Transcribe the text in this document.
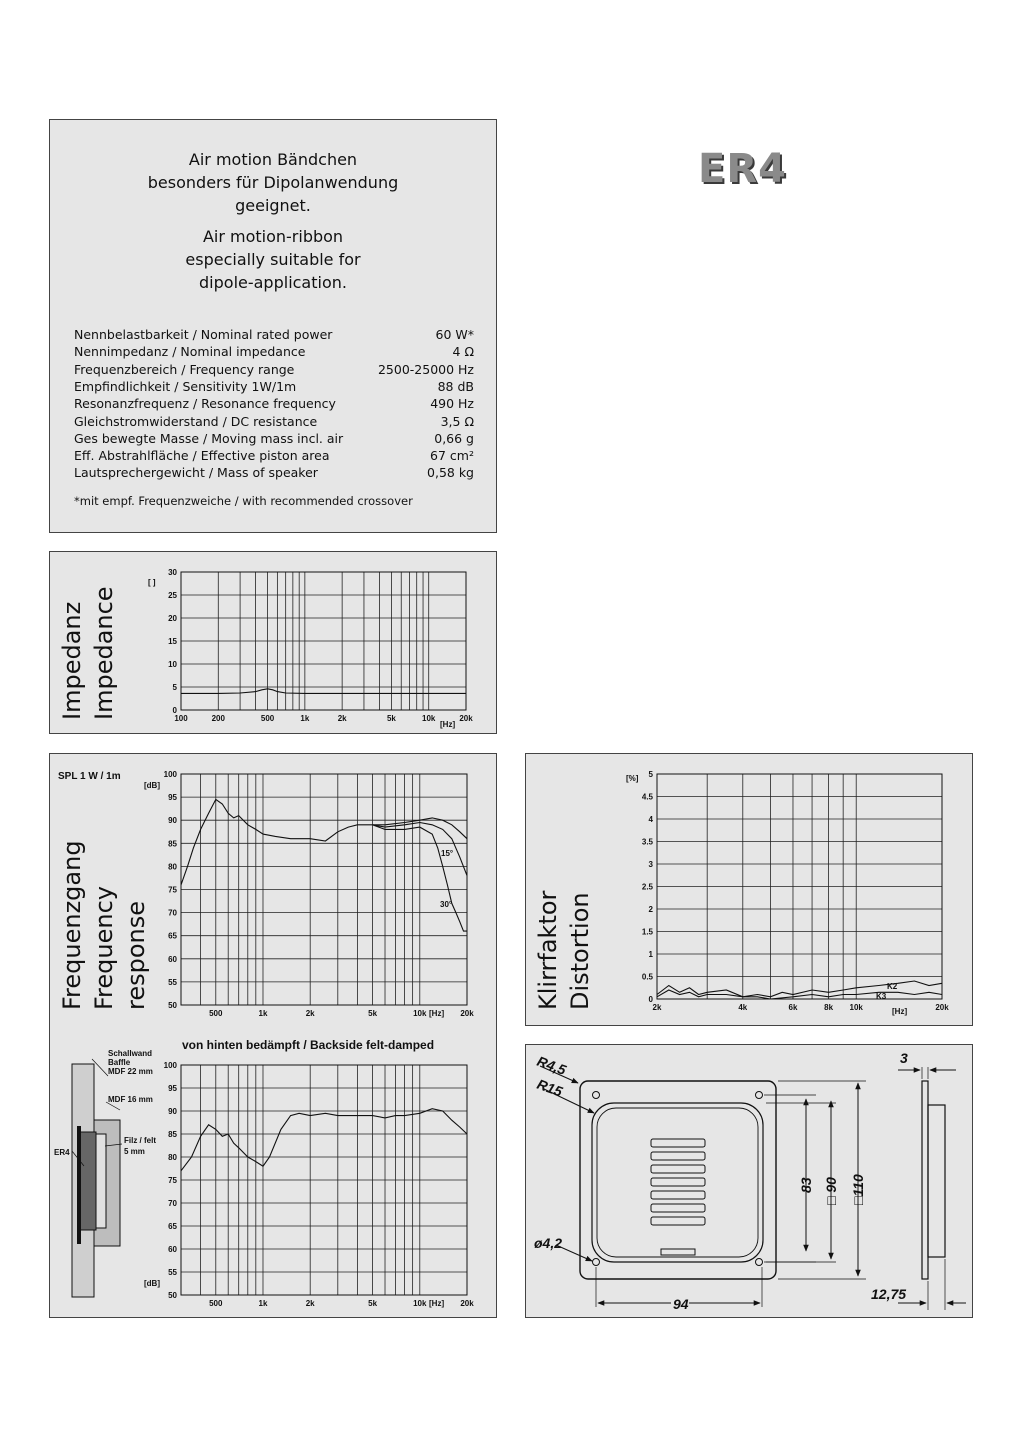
Air motion Bändchen
besonders für Dipolanwendung
geeignet.
Air motion-ribbon
especially suitable for
dipole-application.
Nennbelastbarkeit / Nominal rated power	60 W*
Nennimpedanz / Nominal impedance	4 Ω
Frequenzbereich / Frequency range	2500-25000 Hz
Empfindlichkeit / Sensitivity 1W/1m	88 dB
Resonanzfrequenz / Resonance frequency	490 Hz
Gleichstromwiderstand / DC resistance	3,5 Ω
Ges bewegte Masse / Moving mass incl. air	0,66 g
Eff. Abstrahlfläche / Effective piston area	67 cm²
Lautsprechergewicht / Mass of speaker	0,58 kg
*mit empf. Frequenzweiche / with recommended crossover
ER4
Impedanz Impedance	0
5
10
15
20
25
30
100	200	500	1k	2k	5k	10k	20k
[ ]
[Hz]
Frequenzgang Frequency response 50
55
60
65
70
75
80
85
90
95
100
500	1k	2k	5k	10k	20k
SPL 1 W / 1m
[dB]
[Hz]
15°
30°
50
55
60
65
70
75
80
85
90
95
100
500	1k	2k	5k	10k	20k
von hinten bedämpft / Backside felt-damped
[dB]
[Hz]
Schallwand
Baffle
MDF 22 mm
MDF 16 mm
Filz / felt
5 mm
ER4
Klirrfaktor Distortion	0
0.5
1
1.5
2
2.5
3
3.5
4
4.5
5
2k	4k	6k	8k 10k	20k
[%]
[Hz]
K2
K3
R4,5
R15
ø4,2
83 □ 90 □110
94
3
12,75
